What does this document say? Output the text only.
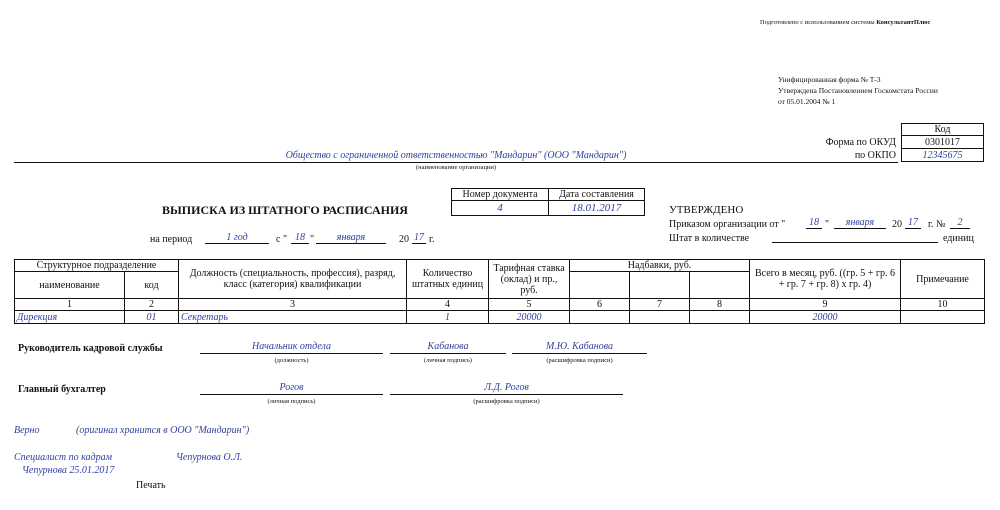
Подготовлено с использованием системы КонсультантПлюс
Унифицированная форма № Т-3
Утверждена Постановлением Госкомстата России
от 05.01.2004 № 1
Код
0301017
12345675
Форма по ОКУД
по ОКПО
Общество с ограниченной ответственностью "Мандарин" (ООО "Мандарин")
(наименование организации)
ВЫПИСКА ИЗ ШТАТНОГО РАСПИСАНИЯ
Номер документа	Дата составления
4	18.01.2017
на период	1 год	с " 18 "	января	20 17 г.
УТВЕРЖДЕНО
Приказом организации от "	18 "	января	20 17	г. №	2
Штат в количестве	единиц
Структурное подразделение		Должность (специальность, профессия), разряд, класс (категория) квалификации	Количество штатных единиц	Тарифная ставка (оклад) и пр., руб.	Надбавки, руб.			Всего в месяц, руб. ((гр. 5 + гр. 6 + гр. 7 + гр. 8) х гр. 4)	Примечание
наименование	код								
1	2	3	4	5	6	7	8	9	10
Дирекция	01	Секретарь	1	20000				20000	
Руководитель кадровой службы	Начальник отдела
(должность)
Кабанова
(личная подпись)
М.Ю. Кабанова
(расшифровка подписи)
Главный бухгалтер	Рогов
(личная подпись)
Л.Д. Рогов
(расшифровка подписи)
Верно	(оригинал хранится в ООО "Мандарин")
Специалист по кадрам	Чепурнова О.Л.
Чепурнова 25.01.2017
Печать
